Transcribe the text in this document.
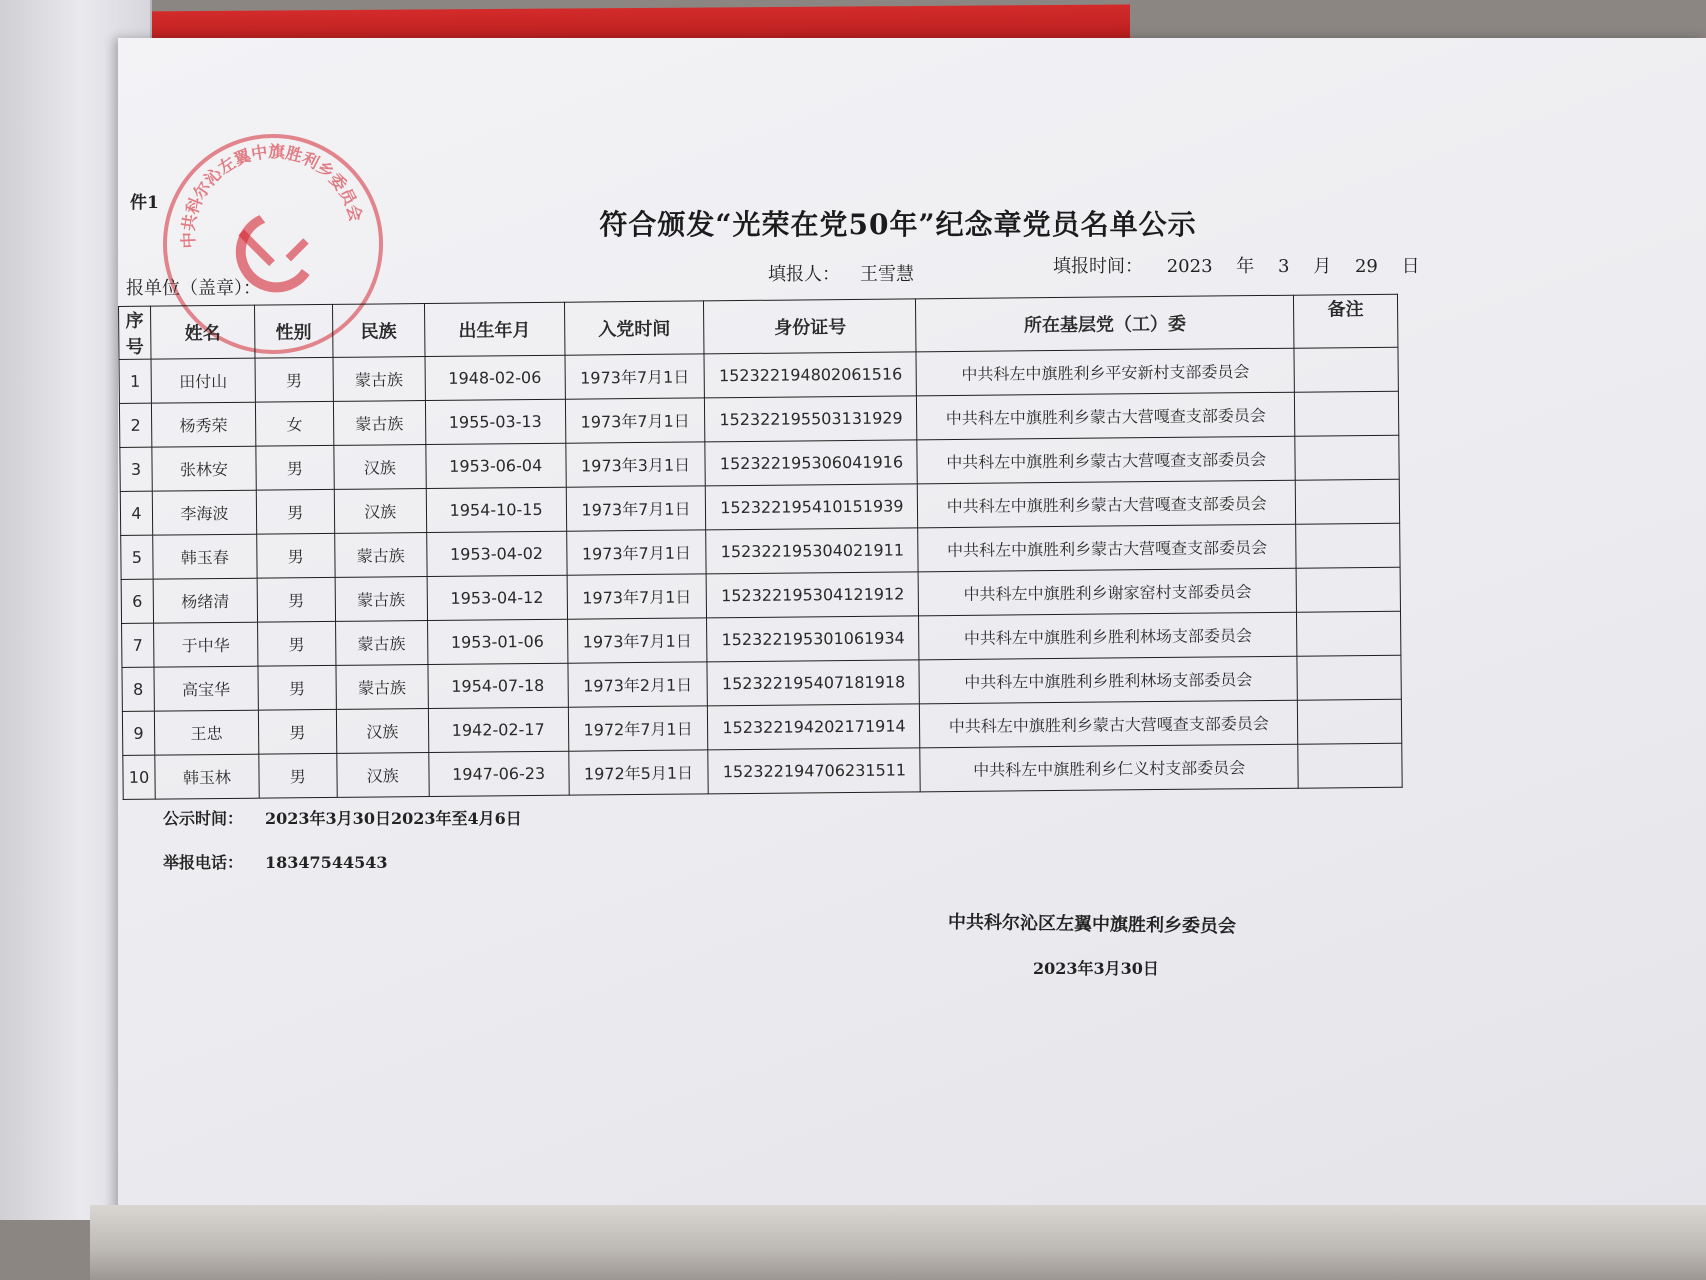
中共科尔沁左翼中旗胜利乡委员会
件1
符合颁发“光荣在党50年”纪念章党员名单公示
填报人： 王雪慧	填报时间： 2023 年 3 月 29 日
报单位（盖章）：
序号	姓名	性别	民族	出生年月	入党时间	身份证号	所在基层党（工）委	备注
1	田付山	男	蒙古族	1948-02-06	1973年7月1日	152322194802061516	中共科左中旗胜利乡平安新村支部委员会	
2	杨秀荣	女	蒙古族	1955-03-13	1973年7月1日	152322195503131929	中共科左中旗胜利乡蒙古大营嘎查支部委员会	
3	张林安	男	汉族	1953-06-04	1973年3月1日	152322195306041916	中共科左中旗胜利乡蒙古大营嘎查支部委员会	
4	李海波	男	汉族	1954-10-15	1973年7月1日	152322195410151939	中共科左中旗胜利乡蒙古大营嘎查支部委员会	
5	韩玉春	男	蒙古族	1953-04-02	1973年7月1日	152322195304021911	中共科左中旗胜利乡蒙古大营嘎查支部委员会	
6	杨绪清	男	蒙古族	1953-04-12	1973年7月1日	152322195304121912	中共科左中旗胜利乡谢家窑村支部委员会	
7	于中华	男	蒙古族	1953-01-06	1973年7月1日	152322195301061934	中共科左中旗胜利乡胜利林场支部委员会	
8	高宝华	男	蒙古族	1954-07-18	1973年2月1日	152322195407181918	中共科左中旗胜利乡胜利林场支部委员会	
9	王忠	男	汉族	1942-02-17	1972年7月1日	152322194202171914	中共科左中旗胜利乡蒙古大营嘎查支部委员会	
10	韩玉林	男	汉族	1947-06-23	1972年5月1日	152322194706231511	中共科左中旗胜利乡仁义村支部委员会	
公示时间： 2023年3月30日2023年至4月6日
举报电话： 18347544543
中共科尔沁区左翼中旗胜利乡委员会
2023年3月30日
